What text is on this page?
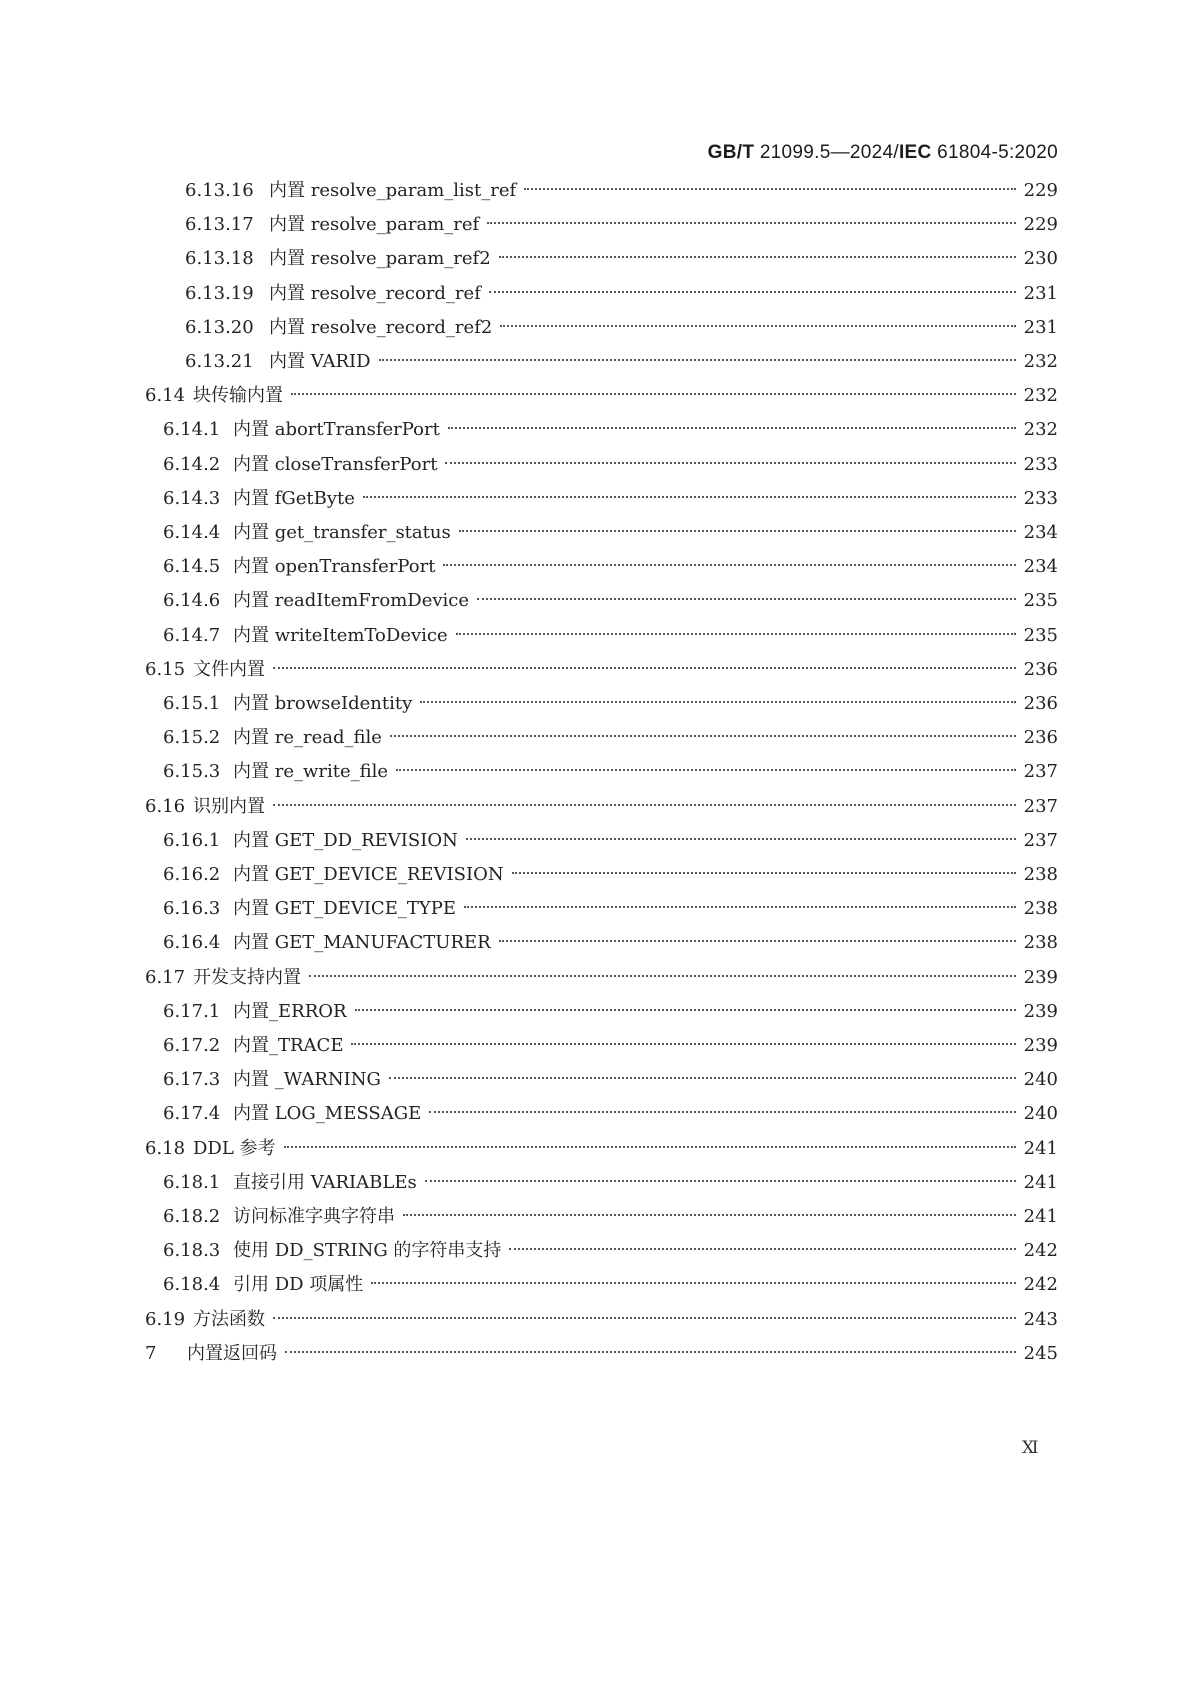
GB/T 21099.5—2024/IEC 61804-5:2020
6.13.16 内置 resolve_param_list_ref	229
6.13.17 内置 resolve_param_ref	229
6.13.18 内置 resolve_param_ref2	230
6.13.19 内置 resolve_record_ref	231
6.13.20 内置 resolve_record_ref2	231
6.13.21 内置 VARID	232
6.14 块传输内置	232
6.14.1 内置 abortTransferPort	232
6.14.2 内置 closeTransferPort	233
6.14.3 内置 fGetByte	233
6.14.4 内置 get_transfer_status	234
6.14.5 内置 openTransferPort	234
6.14.6 内置 readItemFromDevice	235
6.14.7 内置 writeItemToDevice	235
6.15 文件内置	236
6.15.1 内置 browseIdentity	236
6.15.2 内置 re_read_file	236
6.15.3 内置 re_write_file	237
6.16 识别内置	237
6.16.1 内置 GET_DD_REVISION	237
6.16.2 内置 GET_DEVICE_REVISION	238
6.16.3 内置 GET_DEVICE_TYPE	238
6.16.4 内置 GET_MANUFACTURER	238
6.17 开发支持内置	239
6.17.1 内置_ERROR	239
6.17.2 内置_TRACE	239
6.17.3 内置 _WARNING	240
6.17.4 内置 LOG_MESSAGE	240
6.18 DDL 参考	241
6.18.1 直接引用 VARIABLEs	241
6.18.2 访问标准字典字符串	241
6.18.3 使用 DD_STRING 的字符串支持	242
6.18.4 引用 DD 项属性	242
6.19 方法函数	243
7	内置返回码	245
Ⅺ
